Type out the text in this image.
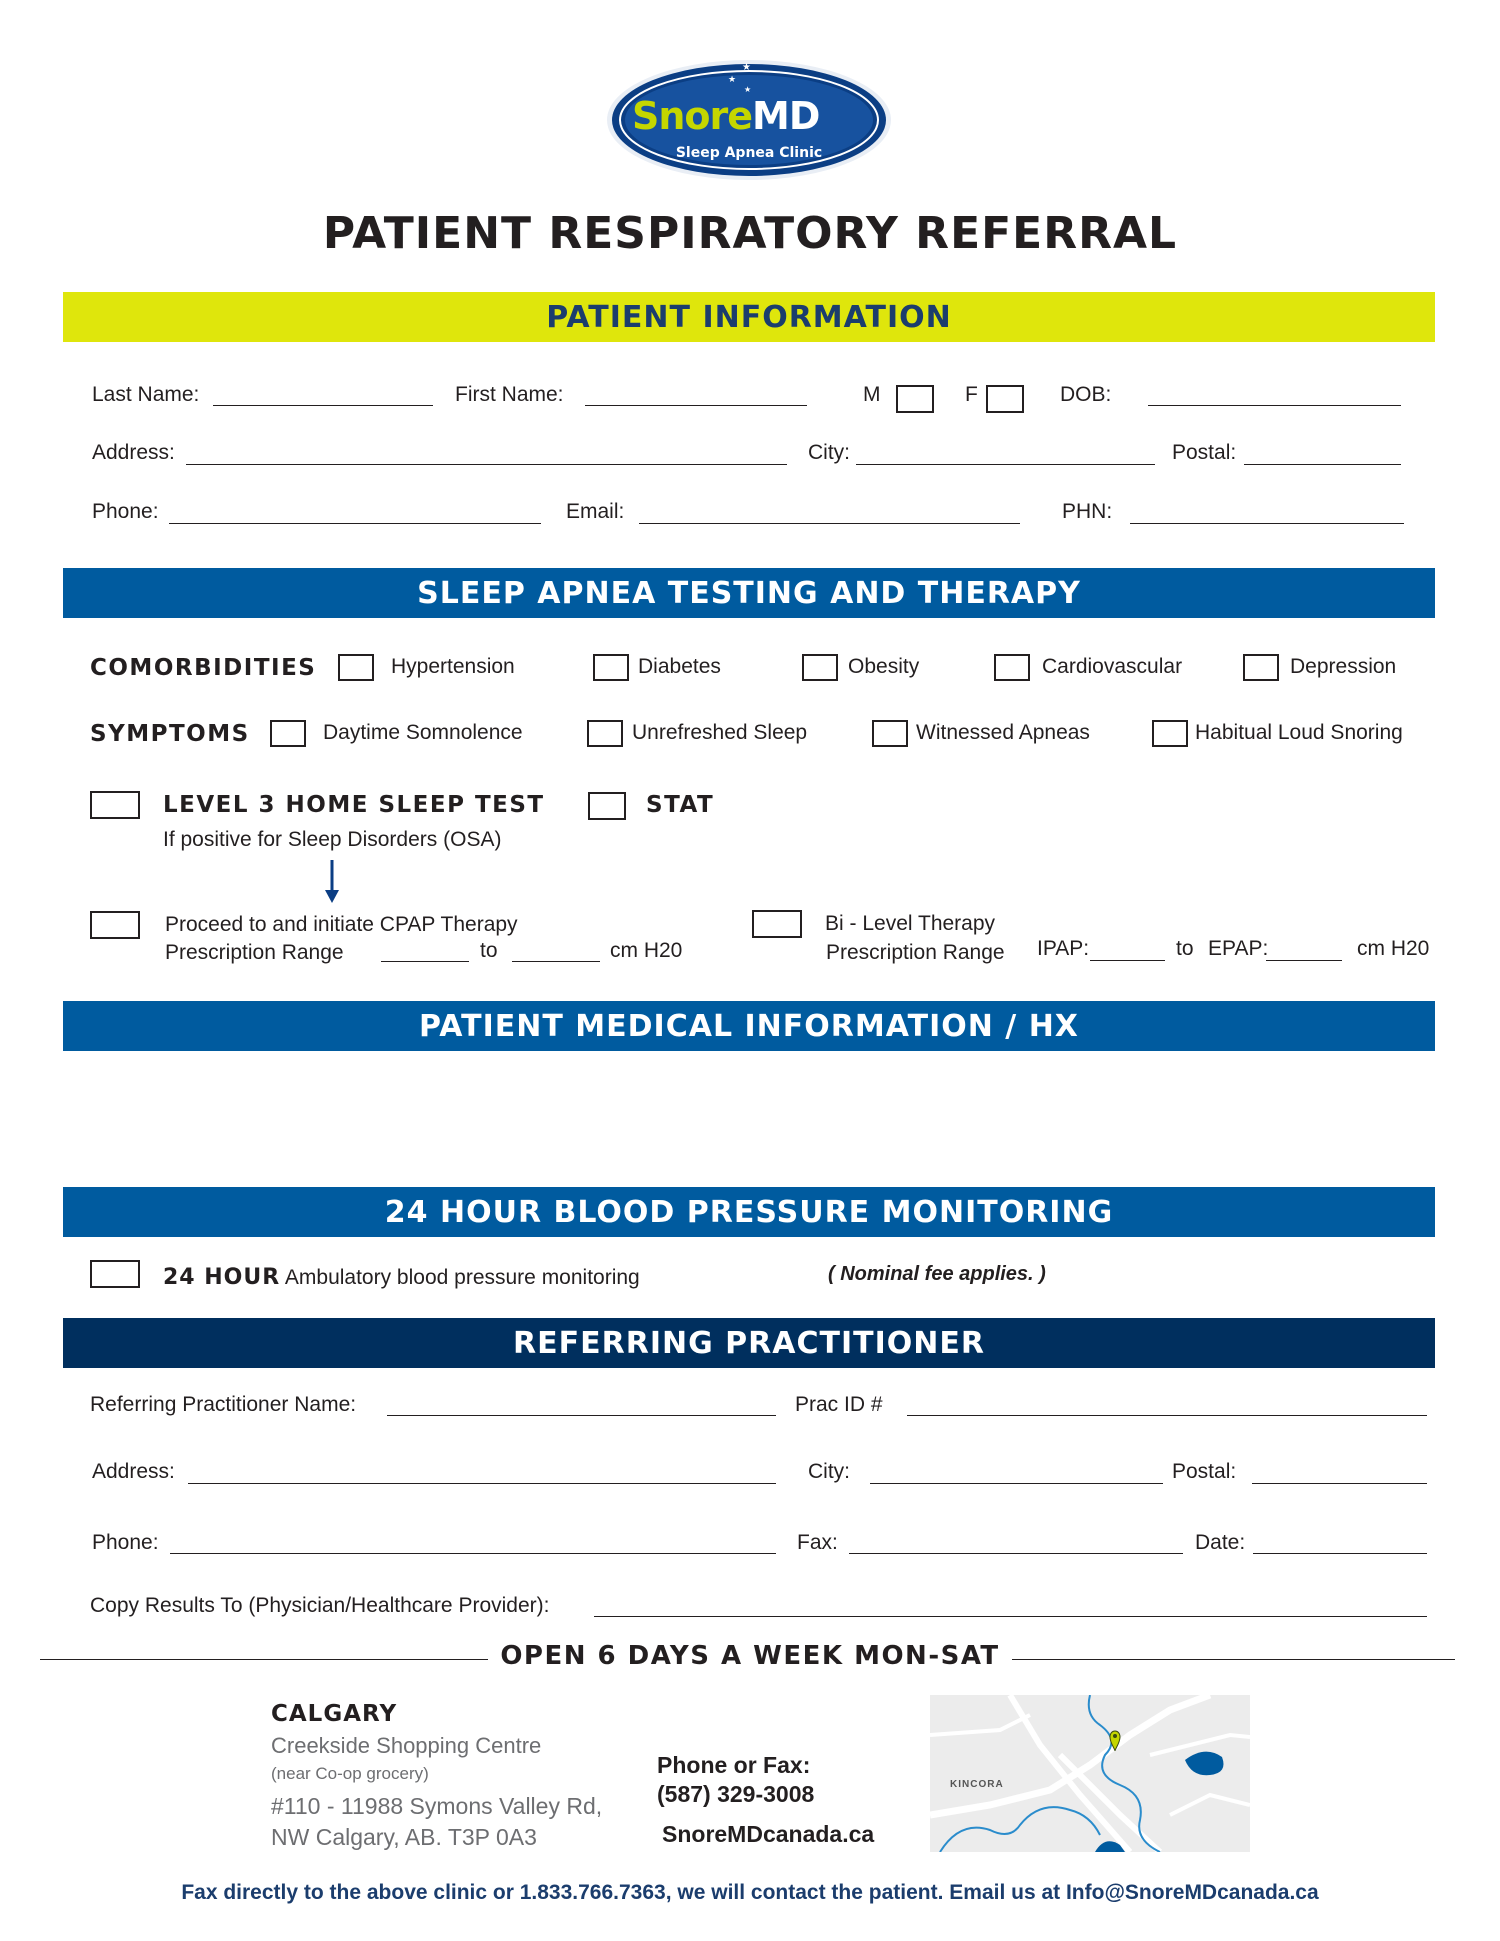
★
★
★
SnoreMD
Sleep Apnea Clinic
PATIENT RESPIRATORY REFERRAL
PATIENT INFORMATION
Last Name:	First Name:	M	F	DOB:
Address:	City:	Postal:
Phone:	Email:	PHN:
SLEEP APNEA TESTING AND THERAPY
COMORBIDITIES	Hypertension	Diabetes	Obesity	Cardiovascular	Depression
SYMPTOMS	Daytime Somnolence	Unrefreshed Sleep	Witnessed Apneas	Habitual Loud Snoring
LEVEL 3 HOME SLEEP TEST
If positive for Sleep Disorders (OSA)
STAT
Proceed to and initiate CPAP Therapy
Prescription Range	to	cm H20
Bi - Level Therapy
Prescription Range IPAP:	to EPAP:	cm H20
PATIENT MEDICAL INFORMATION / HX
24 HOUR BLOOD PRESSURE MONITORING
24 HOUR Ambulatory blood pressure monitoring	( Nominal fee applies. )
REFERRING PRACTITIONER
Referring Practitioner Name:	Prac ID #
Address:	City:	Postal:
Phone:	Fax:	Date:
Copy Results To (Physician/Healthcare Provider):
OPEN 6 DAYS A WEEK MON-SAT
CALGARY
Creekside Shopping Centre
(near Co-op grocery)
#110 - 11988 Symons Valley Rd,
NW Calgary, AB. T3P 0A3
Phone or Fax:
(587) 329-3008
SnoreMDcanada.ca
KINCORA
Fax directly to the above clinic or 1.833.766.7363, we will contact the patient. Email us at Info@SnoreMDcanada.ca
